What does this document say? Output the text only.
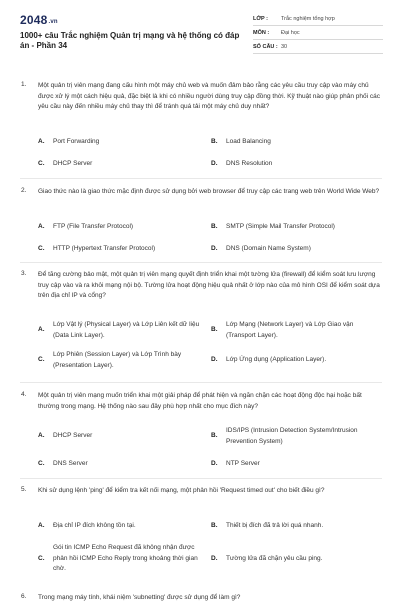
2048.vn
1000+ câu Trắc nghiệm Quản trị mạng và hệ thống có đáp án - Phần 34
LỚP :	Trắc nghiệm tổng hợp
MÔN :	Đại học
SỐ CÂU :	30
1. Một quản trị viên mạng đang cấu hình một máy chủ web và muốn đảm bảo rằng các yêu cầu truy cập vào máy chủ được xử lý một cách hiệu quả, đặc biệt là khi có nhiều người dùng truy cập đồng thời. Kỹ thuật nào giúp phân phối các yêu cầu này đến nhiều máy chủ thay thì để tránh quá tải một máy chủ duy nhất?
A. Port Forwarding	B. Load Balancing
C. DHCP Server	D. DNS Resolution
2. Giao thức nào là giao thức mặc định được sử dụng bởi web browser để truy cập các trang web trên World Wide Web?
A. FTP (File Transfer Protocol)	B. SMTP (Simple Mail Transfer Protocol)
C. HTTP (Hypertext Transfer Protocol)	D. DNS (Domain Name System)
3. Để tăng cường bảo mật, một quản trị viên mạng quyết định triển khai một tường lửa (firewall) để kiểm soát lưu lượng truy cập vào và ra khỏi mạng nội bộ. Tường lửa hoạt động hiệu quả nhất ở lớp nào của mô hình OSI để kiểm soát dựa trên địa chỉ IP và cổng?
A.
Lớp Vật lý (Physical Layer) và Lớp Liên kết dữ liệu (Data Link Layer).
B.
Lớp Mạng (Network Layer) và Lớp Giao vận (Transport Layer).
C.
Lớp Phiên (Session Layer) và Lớp Trình bày (Presentation Layer).
D. Lớp Ứng dụng (Application Layer).
4. Một quản trị viên mạng muốn triển khai một giải pháp để phát hiện và ngăn chặn các hoạt động độc hại hoặc bất thường trong mạng. Hệ thống nào sau đây phù hợp nhất cho mục đích này?
A. DHCP Server	B.
IDS/IPS (Intrusion Detection System/Intrusion Prevention System)
C. DNS Server	D. NTP Server
5. Khi sử dụng lệnh 'ping' để kiểm tra kết nối mạng, một phản hồi 'Request timed out' cho biết điều gì?
A. Địa chỉ IP đích không tồn tại.	B. Thiết bị đích đã trả lời quá nhanh.
C.
Gói tin ICMP Echo Request đã không nhận được phản hồi ICMP Echo Reply trong khoảng thời gian chờ.
D. Tường lửa đã chặn yêu cầu ping.
6. Trong mạng máy tính, khái niệm 'subnetting' được sử dụng để làm gì?
